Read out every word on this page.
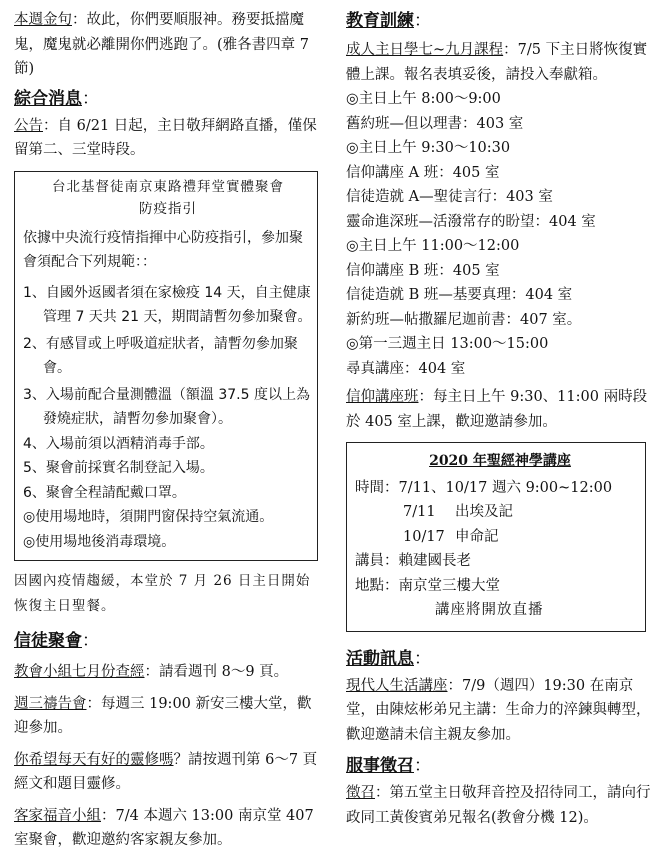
本週金句：故此，你們要順服神。務要抵擋魔鬼，魔鬼就必離開你們逃跑了。(雅各書四章 7 節)

綜合消息：

公告：自 6/21 日起，主日敬拜網路直播，僅保留第二、三堂時段。

台北基督徒南京東路禮拜堂實體聚會
防疫指引

依據中央流行疫情指揮中心防疫指引，參加聚會須配合下列規範：：

1、自國外返國者須在家檢疫 14 天，自主健康管理 7 天共 21 天，期間請暫勿參加聚會。

2、有感冒或上呼吸道症狀者，請暫勿參加聚會。

3、入場前配合量測體溫（額溫 37.5 度以上為發燒症狀，請暫勿參加聚會）。

4、入場前須以酒精消毒手部。

5、聚會前採實名制登記入場。

6、聚會全程請配戴口罩。

◎使用場地時，須開門窗保持空氣流通。

◎使用場地後消毒環境。

因國內疫情趨緩，本堂於 7 月 26 日主日開始恢復主日聖餐。

信徒聚會：

教會小組七月份查經：請看週刊 8～9 頁。

週三禱告會：每週三 19:00 新安三樓大堂，歡迎參加。

你希望每天有好的靈修嗎？請按週刊第 6～7 頁經文和題目靈修。

客家福音小組：7/4 本週六 13:00 南京堂 407 室聚會，歡迎邀約客家親友參加。

教育訓練：

成人主日學七~九月課程：7/5 下主日將恢復實體上課。報名表填妥後，請投入奉獻箱。

◎主日上午 8:00～9:00

舊約班—但以理書：403 室

◎主日上午 9:30～10:30

信仰講座 A 班：405 室

信徒造就 A—聖徒言行：403 室

靈命進深班—活潑常存的盼望：404 室

◎主日上午 11:00～12:00

信仰講座 B 班：405 室

信徒造就 B 班—基要真理：404 室

新約班—帖撒羅尼迦前書：407 室。

◎第一三週主日 13:00～15:00

尋真講座：404 室

信仰講座班：每主日上午 9:30、11:00 兩時段於 405 室上課，歡迎邀請參加。

2020 年聖經神學講座

時間：7/11、10/17 週六 9:00~12:00

7/11 出埃及記

10/17 申命記

講員：賴建國長老

地點：南京堂三樓大堂

講座將開放直播

活動訊息：

現代人生活講座：7/9（週四）19:30 在南京堂，由陳炫彬弟兄主講：生命力的淬鍊與轉型，歡迎邀請未信主親友參加。

服事徵召：

徵召：第五堂主日敬拜音控及招待同工，請向行政同工黃俊賓弟兄報名(教會分機 12)。
